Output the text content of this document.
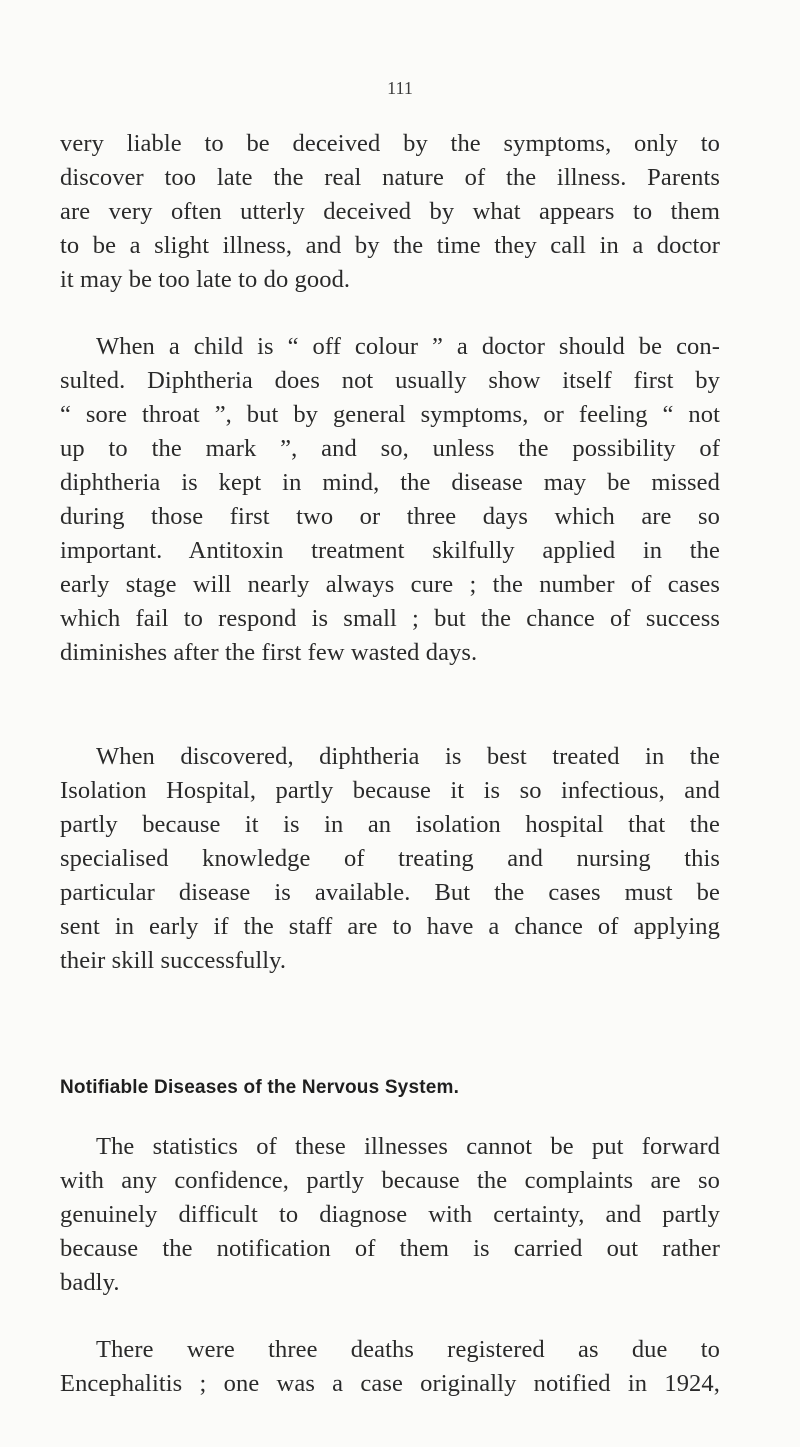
111
very liable to be deceived by the symptoms, only to
discover too late the real nature of the illness. Parents
are very often utterly deceived by what appears to them
to be a slight illness, and by the time they call in a doctor
it may be too late to do good.
When a child is “ off colour ” a doctor should be con-
sulted. Diphtheria does not usually show itself first by
“ sore throat ”, but by general symptoms, or feeling “ not
up to the mark ”, and so, unless the possibility of
diphtheria is kept in mind, the disease may be missed
during those first two or three days which are so
important. Antitoxin treatment skilfully applied in the
early stage will nearly always cure ; the number of cases
which fail to respond is small ; but the chance of success
diminishes after the first few wasted days.
When discovered, diphtheria is best treated in the
Isolation Hospital, partly because it is so infectious, and
partly because it is in an isolation hospital that the
specialised knowledge of treating and nursing this
particular disease is available. But the cases must be
sent in early if the staff are to have a chance of applying
their skill successfully.
Notifiable Diseases of the Nervous System.
The statistics of these illnesses cannot be put forward
with any confidence, partly because the complaints are so
genuinely difficult to diagnose with certainty, and partly
because the notification of them is carried out rather
badly.
There were three deaths registered as due to
Encephalitis ; one was a case originally notified in 1924,
